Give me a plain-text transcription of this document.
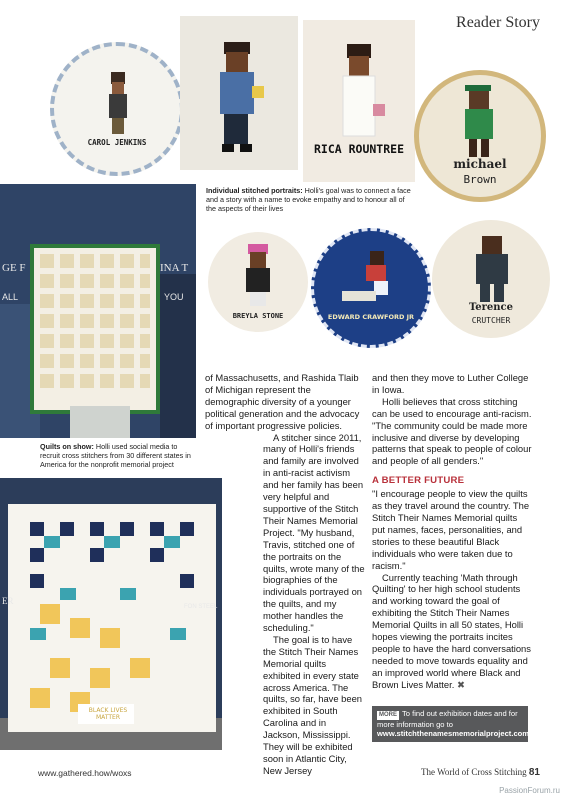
Reader Story
CAROL JENKINS	RICA ROUNTREE
michael
Brown
Individual stitched portraits: Holli's goal was to connect a face and a story with a name to evoke empathy and to honour all of the aspects of their lives
GE F	INA T
ALL	YOU
BREYLA STONE	EDWARD CRAWFORD JR
Terence
CRUTCHER
Quilts on show: Holli used social media to recruit cross stitchers from 30 different states in America for the nonprofit memorial project
BLACK LIVES MATTER
ER
FON STEEL

of Massachusetts, and Rashida Tlaib of Michigan represent the demographic diversity of a younger political generation and the advocacy of important progressive policies.

A stitcher since 2011, many of Holli's friends and family are involved in anti-racist activism and her family has been very helpful and supportive of the Stitch Their Names Memorial Project. "My husband, Travis, stitched one of the portraits on the quilts, wrote many of the biographies of the individuals portrayed on the quilts, and my mother handles the scheduling."

The goal is to have the Stitch Their Names Memorial quilts exhibited in every state across America. The quilts, so far, have been exhibited in South Carolina and in Jackson, Mississippi. They will be exhibited soon in Atlantic City, New Jersey

and then they move to Luther College in Iowa.

Holli believes that cross stitching can be used to encourage anti-racism. "The community could be made more inclusive and diverse by developing patterns that speak to people of colour and people of all genders."

A BETTER FUTURE

"I encourage people to view the quilts as they travel around the country. The Stitch Their Names Memorial quilts put names, faces, personalities, and stories to these beautiful Black individuals who were taken due to racism."

Currently teaching 'Math through Quilting' to her high school students and working toward the goal of exhibiting the Stitch Their Names Memorial Quilts in all 50 states, Holli hopes viewing the portraits incites people to have the hard conversations needed to move towards equality and an improved world where Black and Brown Lives Matter. ✖

MORE To find out exhibition dates and for more information go to www.stitchthenamesmemorialproject.com
www.gathered.how/woxs	The World of Cross Stitching 81
PassionForum.ru
